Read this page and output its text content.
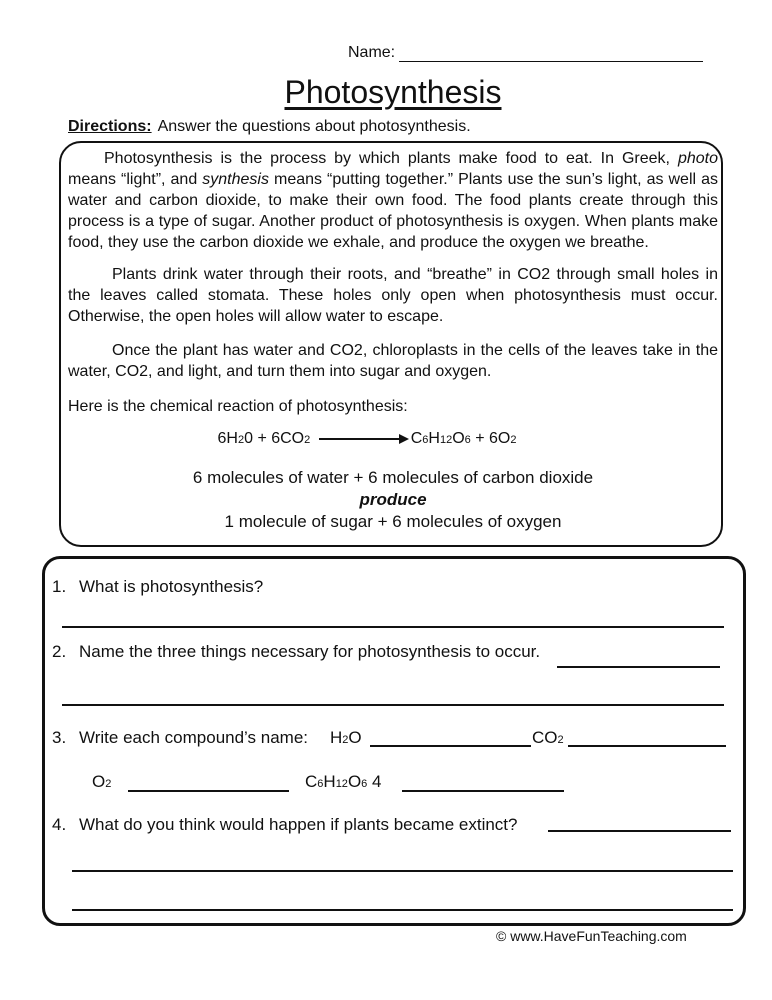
Name:
Photosynthesis
Directions: Answer the questions about photosynthesis.
Photosynthesis is the process by which plants make food to eat. In Greek, photo means “light”, and synthesis means “putting together.” Plants use the sun’s light, as well as water and carbon dioxide, to make their own food. The food plants create through this process is a type of sugar. Another product of photosynthesis is oxygen. When plants make food, they use the carbon dioxide we exhale, and produce the oxygen we breathe.
Plants drink water through their roots, and “breathe” in CO2 through small holes in the leaves called stomata. These holes only open when photosynthesis must occur. Otherwise, the open holes will allow water to escape.
Once the plant has water and CO2, chloroplasts in the cells of the leaves take in the water, CO2, and light, and turn them into sugar and oxygen.
Here is the chemical reaction of photosynthesis:
6H20 + 6CO2	C6H12O6 + 6O2
6 molecules of water + 6 molecules of carbon dioxide
produce
1 molecule of sugar + 6 molecules of oxygen
1. What is photosynthesis?
2. Name the three things necessary for photosynthesis to occur.
3. Write each compound’s name: H2O	CO2
O2	C6H12O6 4
4. What do you think would happen if plants became extinct?
© www.HaveFunTeaching.com
